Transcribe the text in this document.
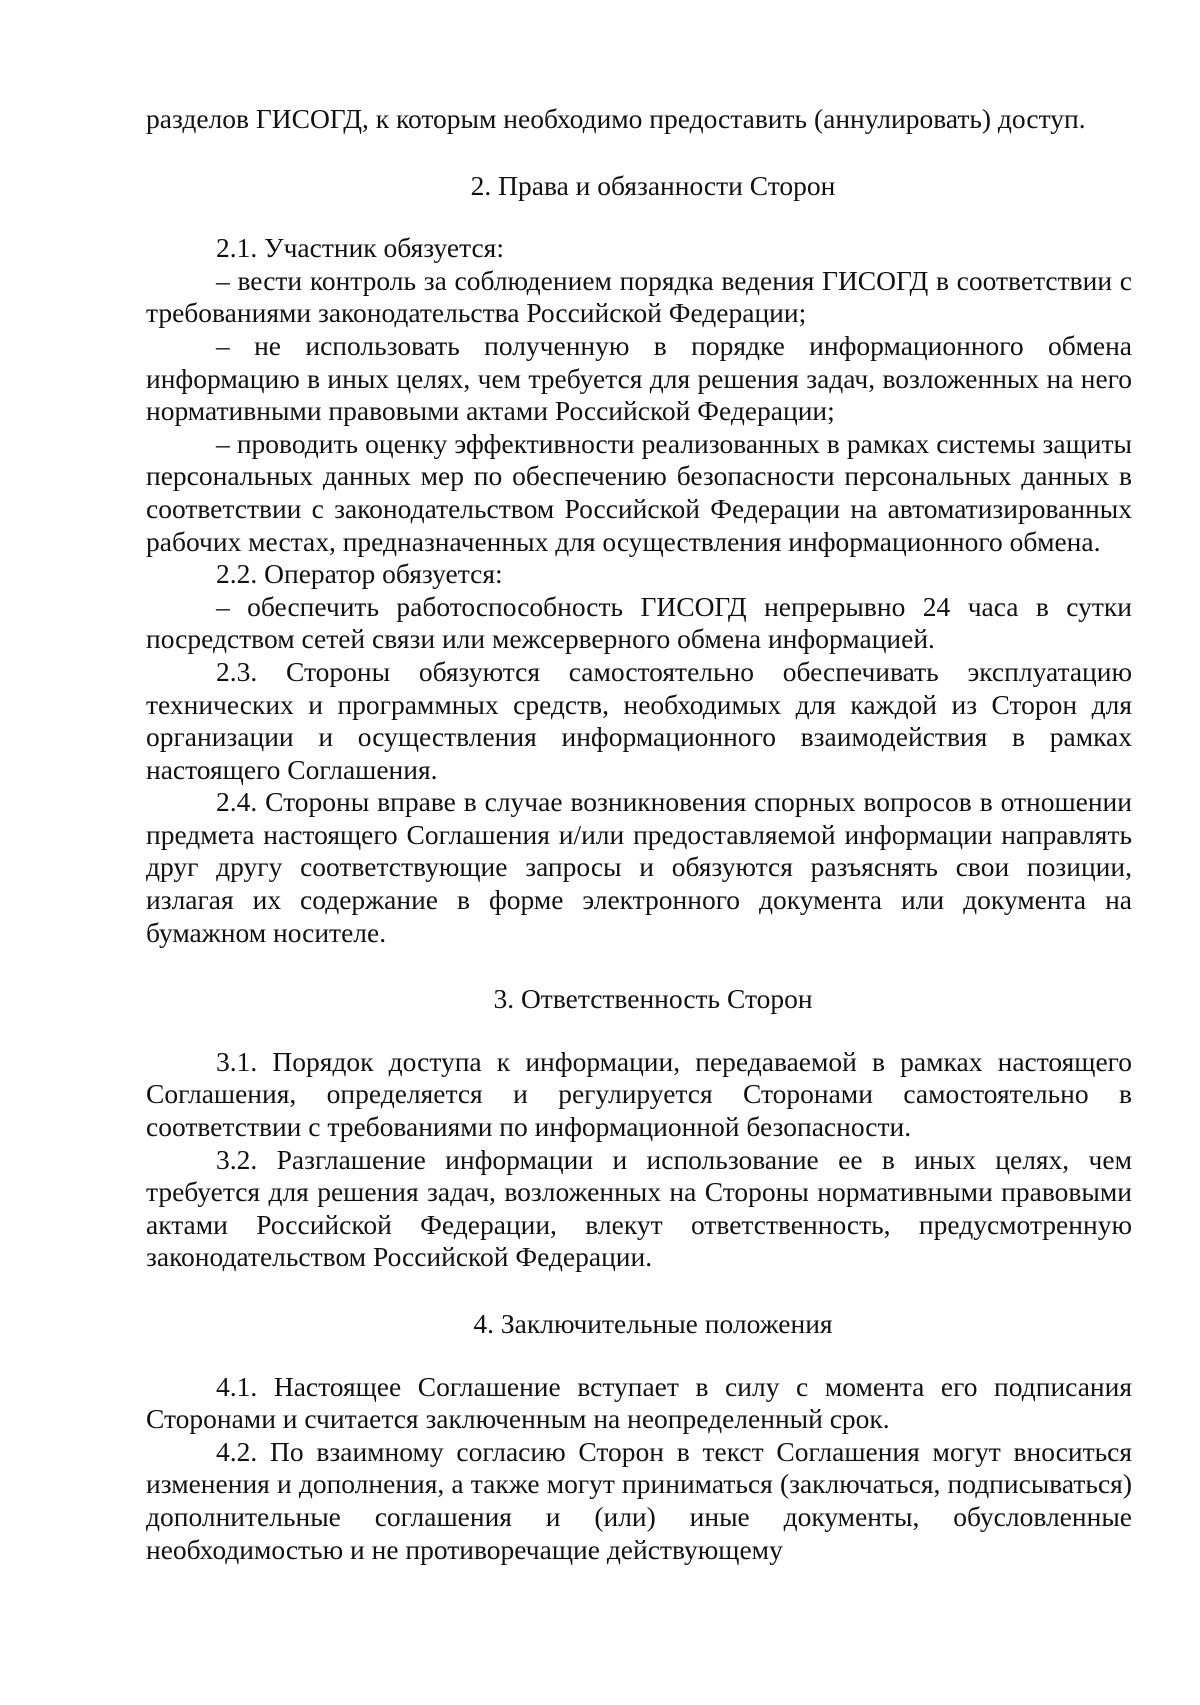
разделов ГИСОГД, к которым необходимо предоставить (аннулировать) доступ.

2. Права и обязанности Сторон

2.1. Участник обязуется:

– вести контроль за соблюдением порядка ведения ГИСОГД в соответствии с требованиями законодательства Российской Федерации;

– не использовать полученную в порядке информационного обмена информацию в иных целях, чем требуется для решения задач, возложенных на него нормативными правовыми актами Российской Федерации;

– проводить оценку эффективности реализованных в рамках системы защиты персональных данных мер по обеспечению безопасности персональных данных в соответствии с законодательством Российской Федерации на автоматизированных рабочих местах, предназначенных для осуществления информационного обмена.

2.2. Оператор обязуется:

– обеспечить работоспособность ГИСОГД непрерывно 24 часа в сутки посредством сетей связи или межсерверного обмена информацией.

2.3. Стороны обязуются самостоятельно обеспечивать эксплуатацию технических и программных средств, необходимых для каждой из Сторон для организации и осуществления информационного взаимодействия в рамках настоящего Соглашения.

2.4. Стороны вправе в случае возникновения спорных вопросов в отношении предмета настоящего Соглашения и/или предоставляемой информации направлять друг другу соответствующие запросы и обязуются разъяснять свои позиции, излагая их содержание в форме электронного документа или документа на бумажном носителе.

3. Ответственность Сторон

3.1. Порядок доступа к информации, передаваемой в рамках настоящего Соглашения, определяется и регулируется Сторонами самостоятельно в соответствии с требованиями по информационной безопасности.

3.2. Разглашение информации и использование ее в иных целях, чем требуется для решения задач, возложенных на Стороны нормативными правовыми актами Российской Федерации, влекут ответственность, предусмотренную законодательством Российской Федерации.

4. Заключительные положения

4.1. Настоящее Соглашение вступает в силу с момента его подписания Сторонами и считается заключенным на неопределенный срок.

4.2. По взаимному согласию Сторон в текст Соглашения могут вноситься изменения и дополнения, а также могут приниматься (заключаться, подписываться) дополнительные соглашения и (или) иные документы, обусловленные необходимостью и не противоречащие действующему
